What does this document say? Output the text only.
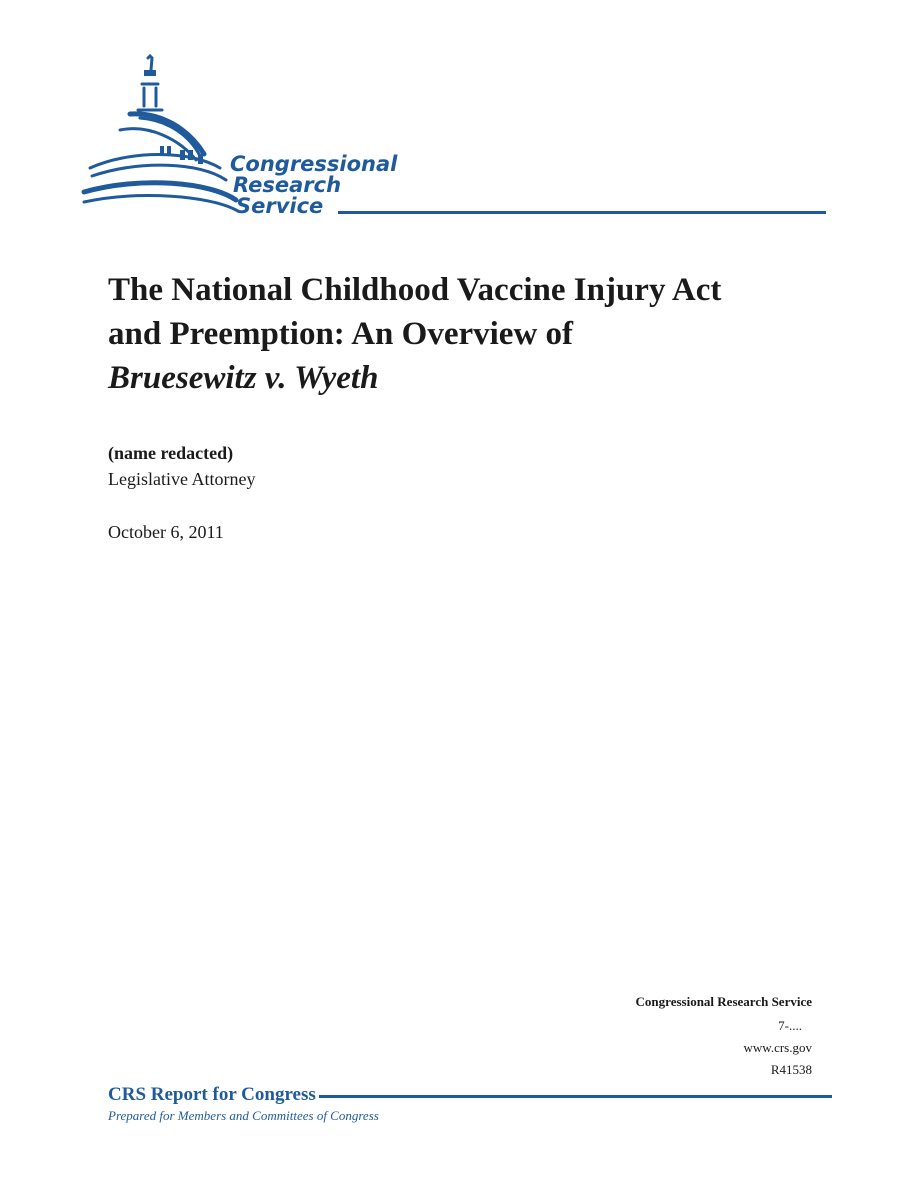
Congressional
Research
Service
The National Childhood Vaccine Injury Act
and Preemption: An Overview of
Bruesewitz v. Wyeth
(name redacted)
Legislative Attorney
October 6, 2011
Congressional Research Service
7-....
www.crs.gov
R41538
CRS Report for Congress
Prepared for Members and Committees of Congress
